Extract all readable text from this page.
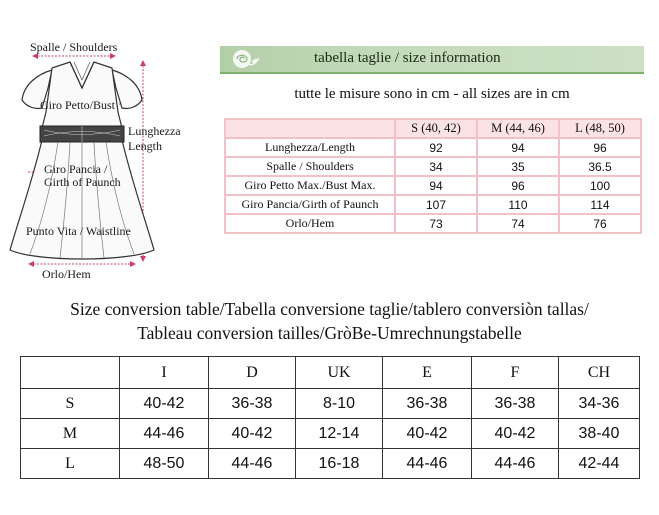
Spalle / Shoulders
Giro Petto/Bust
Lunghezza
Length
Giro Pancia /
Girth of Paunch
Punto Vita / Waistline
Orlo/Hem
tabella taglie / size information
tutte le misure sono in cm - all sizes are in cm
	S (40, 42)	M (44, 46)	L (48, 50)
Lunghezza/Length	92	94	96
Spalle / Shoulders	34	35	36.5
Giro Petto Max./Bust Max.	94	96	100
Giro Pancia/Girth of Paunch	107	110	114
Orlo/Hem	73	74	76
Size conversion table/Tabella conversione taglie/tablero conversiòn tallas/
Tableau conversion tailles/GròBe-Umrechnungstabelle
	I	D	UK	E	F	CH
S	40-42	36-38	8-10	36-38	36-38	34-36
M	44-46	40-42	12-14	40-42	40-42	38-40
L	48-50	44-46	16-18	44-46	44-46	42-44
